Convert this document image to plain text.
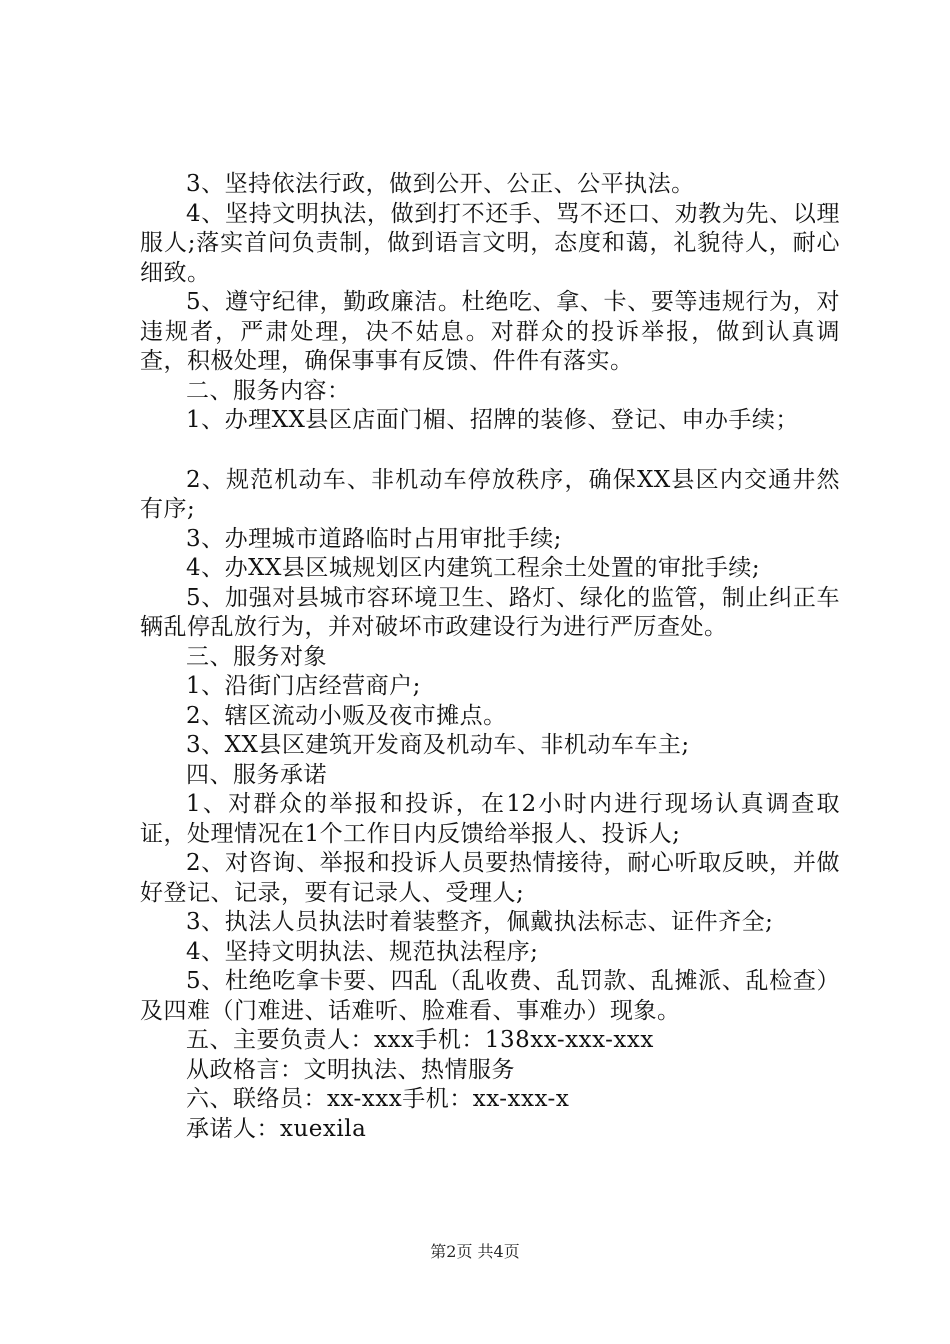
3、坚持依法行政，做到公开、公正、公平执法。

4、坚持文明执法，做到打不还手、骂不还口、劝教为先、以理服人;落实首问负责制，做到语言文明，态度和蔼，礼貌待人，耐心细致。

5、遵守纪律，勤政廉洁。杜绝吃、拿、卡、要等违规行为，对违规者，严肃处理，决不姑息。对群众的投诉举报，做到认真调查，积极处理，确保事事有反馈、件件有落实。

二、服务内容：

1、办理XX县区店面门楣、招牌的装修、登记、申办手续；

2、规范机动车、非机动车停放秩序，确保XX县区内交通井然有序;

3、办理城市道路临时占用审批手续;

4、办XX县区城规划区内建筑工程余土处置的审批手续;

5、加强对县城市容环境卫生、路灯、绿化的监管，制止纠正车辆乱停乱放行为，并对破坏市政建设行为进行严厉查处。

三、服务对象

1、沿街门店经营商户;

2、辖区流动小贩及夜市摊点。

3、XX县区建筑开发商及机动车、非机动车车主;

四、服务承诺

1、对群众的举报和投诉，在12小时内进行现场认真调查取证，处理情况在1个工作日内反馈给举报人、投诉人;

2、对咨询、举报和投诉人员要热情接待，耐心听取反映，并做好登记、记录，要有记录人、受理人;

3、执法人员执法时着装整齐，佩戴执法标志、证件齐全;

4、坚持文明执法、规范执法程序;

5、杜绝吃拿卡要、四乱（乱收费、乱罚款、乱摊派、乱检查）及四难（门难进、话难听、脸难看、事难办）现象。

五、主要负责人：xxx手机：138xx-xxx-xxx

从政格言：文明执法、热情服务

六、联络员：xx-xxx手机：xx-xxx-x

承诺人：xuexila

第2页 共4页
